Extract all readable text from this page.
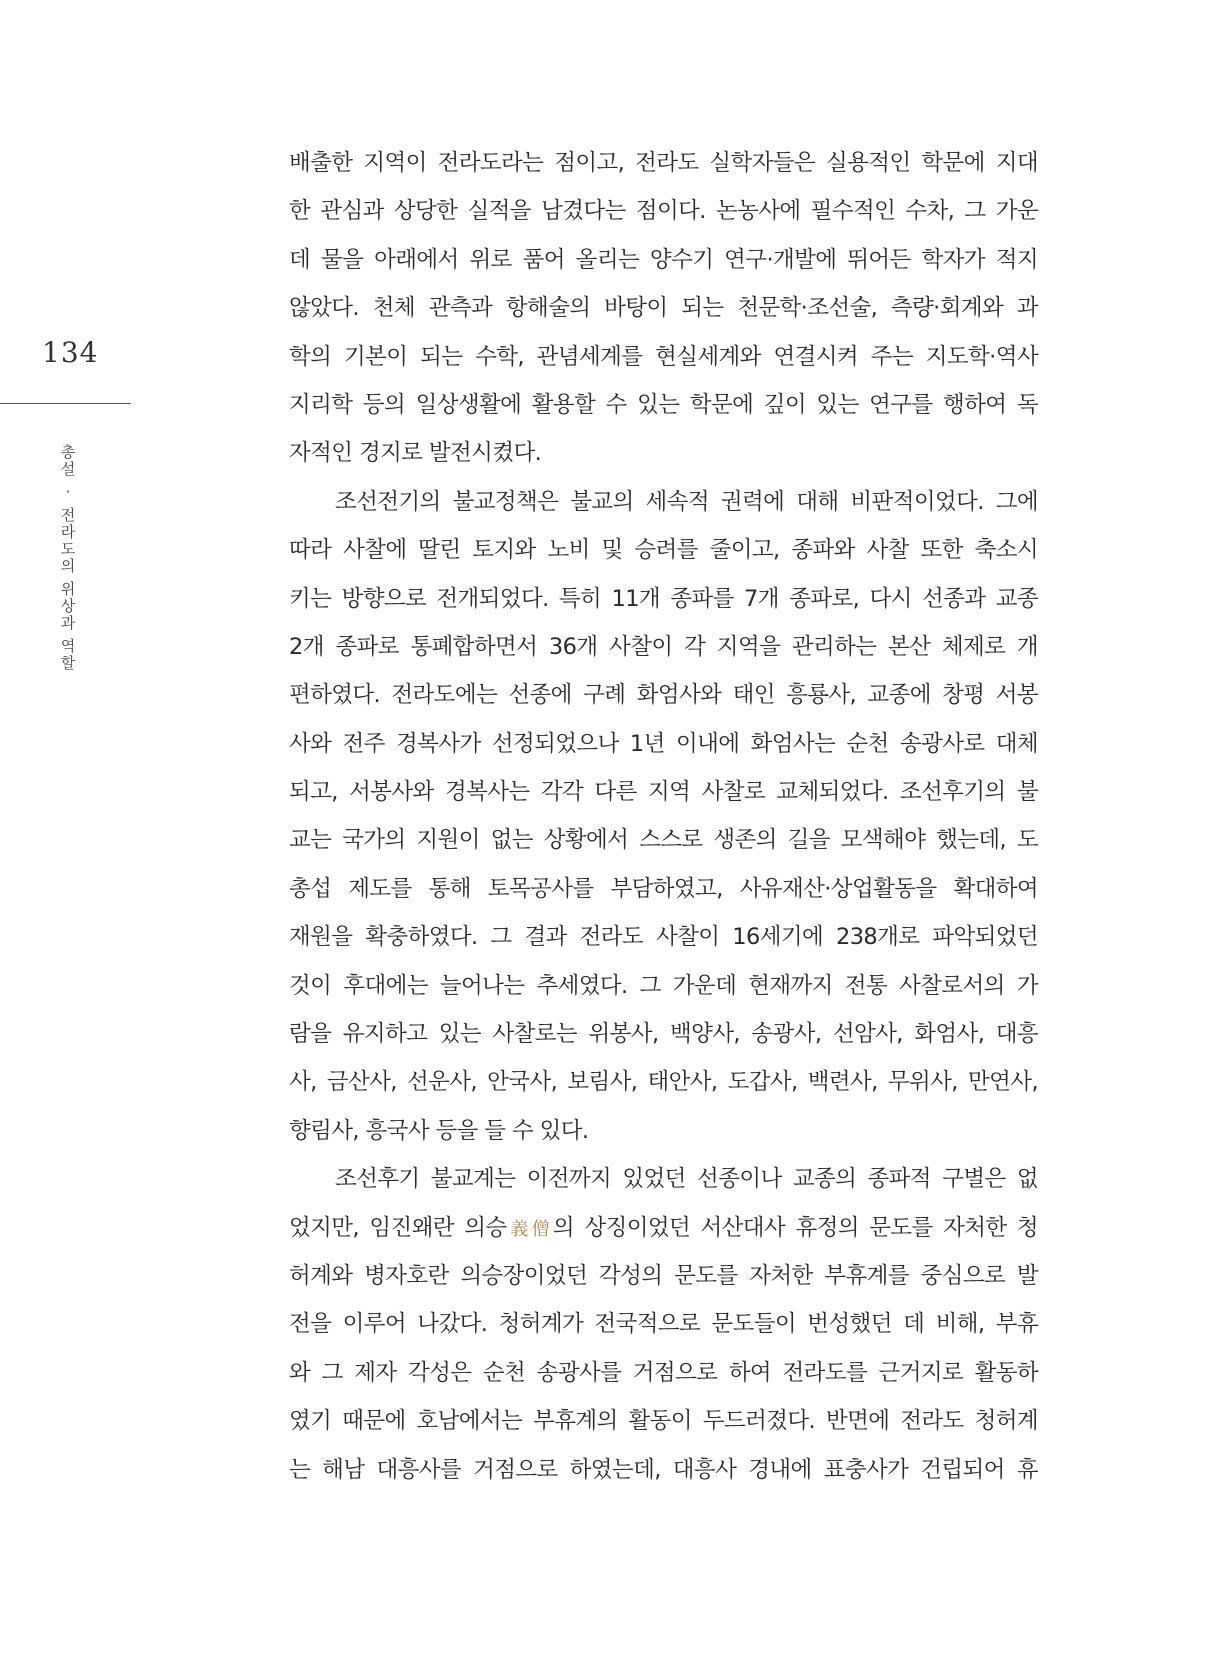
134
총
설

·

전
라
도
의

위
상
과

역
할
배출한 지역이 전라도라는 점이고, 전라도 실학자들은 실용적인 학문에 지대
한 관심과 상당한 실적을 남겼다는 점이다. 논농사에 필수적인 수차, 그 가운
데 물을 아래에서 위로 품어 올리는 양수기 연구·개발에 뛰어든 학자가 적지
않았다. 천체 관측과 항해술의 바탕이 되는 천문학·조선술, 측량·회계와 과
학의 기본이 되는 수학, 관념세계를 현실세계와 연결시켜 주는 지도학·역사
지리학 등의 일상생활에 활용할 수 있는 학문에 깊이 있는 연구를 행하여 독
자적인 경지로 발전시켰다.
조선전기의 불교정책은 불교의 세속적 권력에 대해 비판적이었다. 그에
따라 사찰에 딸린 토지와 노비 및 승려를 줄이고, 종파와 사찰 또한 축소시
키는 방향으로 전개되었다. 특히 11개 종파를 7개 종파로, 다시 선종과 교종
2개 종파로 통폐합하면서 36개 사찰이 각 지역을 관리하는 본산 체제로 개
편하였다. 전라도에는 선종에 구례 화엄사와 태인 흥룡사, 교종에 창평 서봉
사와 전주 경복사가 선정되었으나 1년 이내에 화엄사는 순천 송광사로 대체
되고, 서봉사와 경복사는 각각 다른 지역 사찰로 교체되었다. 조선후기의 불
교는 국가의 지원이 없는 상황에서 스스로 생존의 길을 모색해야 했는데, 도
총섭 제도를 통해 토목공사를 부담하였고, 사유재산·상업활동을 확대하여
재원을 확충하였다. 그 결과 전라도 사찰이 16세기에 238개로 파악되었던
것이 후대에는 늘어나는 추세였다. 그 가운데 현재까지 전통 사찰로서의 가
람을 유지하고 있는 사찰로는 위봉사, 백양사, 송광사, 선암사, 화엄사, 대흥
사, 금산사, 선운사, 안국사, 보림사, 태안사, 도갑사, 백련사, 무위사, 만연사,
향림사, 흥국사 등을 들 수 있다.
조선후기 불교계는 이전까지 있었던 선종이나 교종의 종파적 구별은 없
었지만, 임진왜란 의승義僧의 상징이었던 서산대사 휴정의 문도를 자처한 청
허계와 병자호란 의승장이었던 각성의 문도를 자처한 부휴계를 중심으로 발
전을 이루어 나갔다. 청허계가 전국적으로 문도들이 번성했던 데 비해, 부휴
와 그 제자 각성은 순천 송광사를 거점으로 하여 전라도를 근거지로 활동하
였기 때문에 호남에서는 부휴계의 활동이 두드러졌다. 반면에 전라도 청허계
는 해남 대흥사를 거점으로 하였는데, 대흥사 경내에 표충사가 건립되어 휴
